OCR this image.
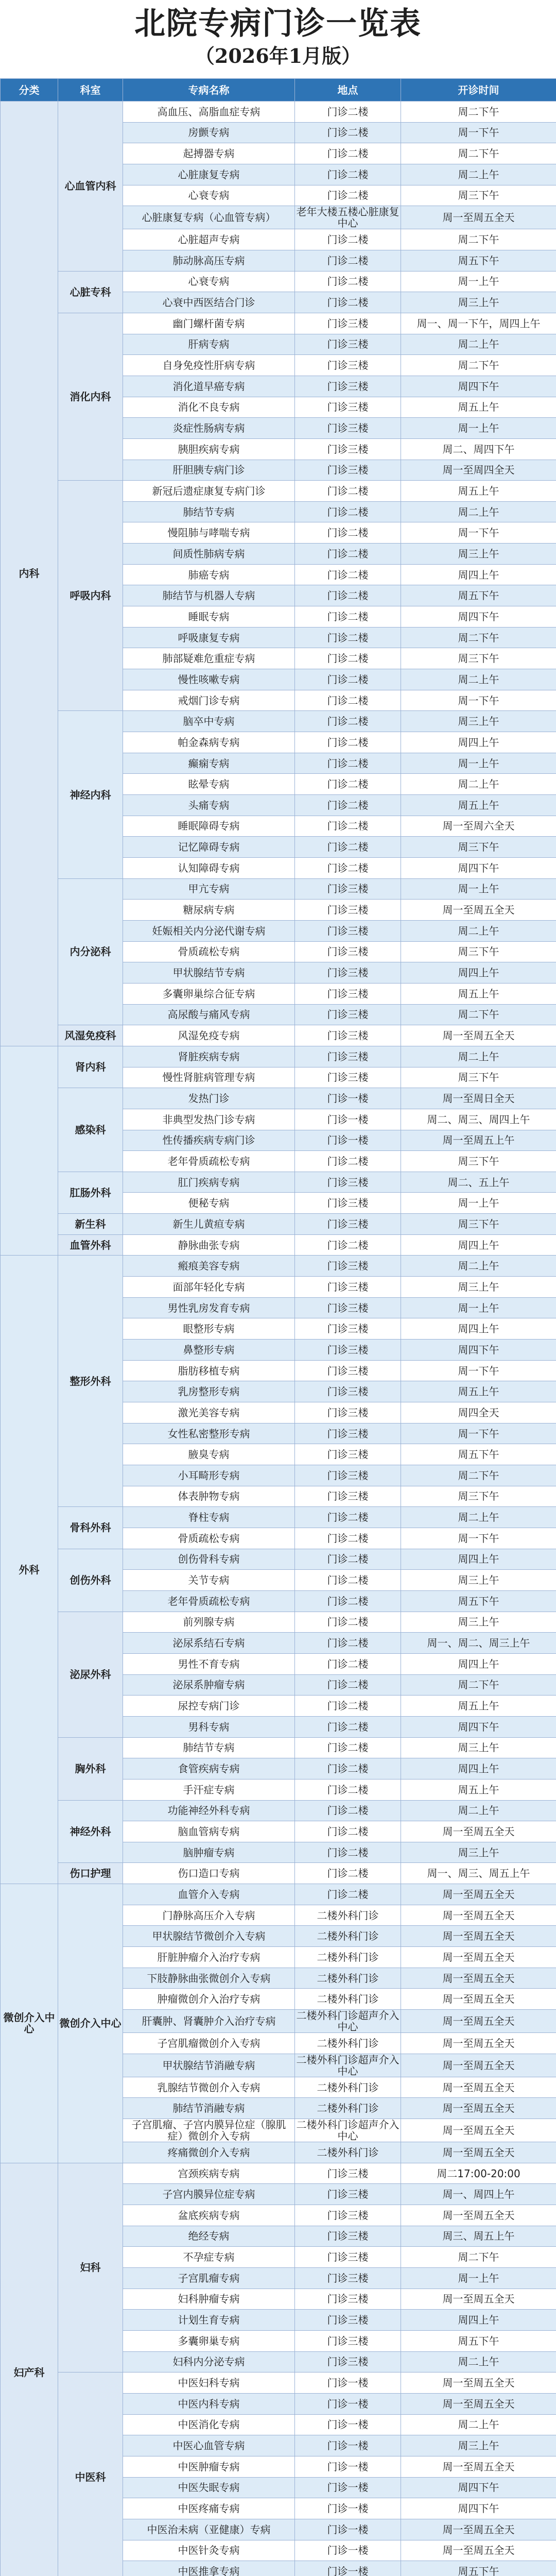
北院专病门诊一览表
（2026年1月版）
分类	科室	专病名称	地点	开诊时间
内科	心血管内科	高血压、高脂血症专病	门诊二楼	周二下午
		房颤专病	门诊二楼	周一下午
		起搏器专病	门诊二楼	周二下午
		心脏康复专病	门诊二楼	周二上午
		心衰专病	门诊二楼	周三下午
		心脏康复专病（心血管专病）	老年大楼五楼心脏康复中心	周一至周五全天
		心脏超声专病	门诊二楼	周二下午
		肺动脉高压专病	门诊二楼	周五下午
	心脏专科	心衰专病	门诊二楼	周一上午
		心衰中西医结合门诊	门诊二楼	周三上午
	消化内科	幽门螺杆菌专病	门诊三楼	周一、周一下午，周四上午
		肝病专病	门诊三楼	周二上午
		自身免疫性肝病专病	门诊三楼	周二下午
		消化道早癌专病	门诊三楼	周四下午
		消化不良专病	门诊三楼	周五上午
		炎症性肠病专病	门诊三楼	周一上午
		胰胆疾病专病	门诊三楼	周二、周四下午
		肝胆胰专病门诊	门诊三楼	周一至周四全天
	呼吸内科	新冠后遗症康复专病门诊	门诊二楼	周五上午
		肺结节专病	门诊二楼	周二上午
		慢阻肺与哮喘专病	门诊二楼	周一下午
		间质性肺病专病	门诊二楼	周三上午
		肺癌专病	门诊二楼	周四上午
		肺结节与机器人专病	门诊二楼	周五下午
		睡眠专病	门诊二楼	周四下午
		呼吸康复专病	门诊二楼	周二下午
		肺部疑难危重症专病	门诊二楼	周三下午
		慢性咳嗽专病	门诊二楼	周二上午
		戒烟门诊专病	门诊二楼	周一下午
	神经内科	脑卒中专病	门诊二楼	周三上午
		帕金森病专病	门诊二楼	周四上午
		癫痫专病	门诊二楼	周一上午
		眩晕专病	门诊二楼	周二上午
		头痛专病	门诊二楼	周五上午
		睡眠障碍专病	门诊二楼	周一至周六全天
		记忆障碍专病	门诊二楼	周三下午
		认知障碍专病	门诊二楼	周四下午
	内分泌科	甲亢专病	门诊三楼	周一上午
		糖尿病专病	门诊三楼	周一至周五全天
		妊娠相关内分泌代谢专病	门诊三楼	周二上午
		骨质疏松专病	门诊三楼	周三下午
		甲状腺结节专病	门诊三楼	周四上午
		多囊卵巢综合征专病	门诊三楼	周五上午
		高尿酸与痛风专病	门诊三楼	周二下午
	风湿免疫科	风湿免疫专病	门诊三楼	周一至周五全天
	肾内科	肾脏疾病专病	门诊三楼	周二上午
		慢性肾脏病管理专病	门诊三楼	周三下午
	感染科	发热门诊	门诊一楼	周一至周日全天
		非典型发热门诊专病	门诊一楼	周二、周三、周四上午
		性传播疾病专病门诊	门诊一楼	周一至周五上午
		老年骨质疏松专病	门诊二楼	周三下午
	肛肠外科	肛门疾病专病	门诊三楼	周二、五上午
		便秘专病	门诊三楼	周一上午
	新生科	新生儿黄疸专病	门诊三楼	周三下午
	血管外科	静脉曲张专病	门诊二楼	周四上午
外科	整形外科	瘢痕美容专病	门诊三楼	周二上午
		面部年轻化专病	门诊三楼	周三上午
		男性乳房发育专病	门诊三楼	周一上午
		眼整形专病	门诊三楼	周四上午
		鼻整形专病	门诊三楼	周四下午
		脂肪移植专病	门诊三楼	周一下午
		乳房整形专病	门诊三楼	周五上午
		激光美容专病	门诊三楼	周四全天
		女性私密整形专病	门诊三楼	周一下午
		腋臭专病	门诊三楼	周五下午
		小耳畸形专病	门诊三楼	周二下午
		体表肿物专病	门诊三楼	周三下午
	骨科外科	脊柱专病	门诊二楼	周二上午
		骨质疏松专病	门诊二楼	周一下午
	创伤外科	创伤骨科专病	门诊二楼	周四上午
		关节专病	门诊二楼	周三上午
		老年骨质疏松专病	门诊二楼	周五下午
	泌尿外科	前列腺专病	门诊二楼	周三上午
		泌尿系结石专病	门诊二楼	周一、周二、周三上午
		男性不育专病	门诊二楼	周四上午
		泌尿系肿瘤专病	门诊二楼	周二下午
		尿控专病门诊	门诊二楼	周五上午
		男科专病	门诊二楼	周四下午
	胸外科	肺结节专病	门诊二楼	周三上午
		食管疾病专病	门诊二楼	周四上午
		手汗症专病	门诊二楼	周五上午
	神经外科	功能神经外科专病	门诊二楼	周二上午
		脑血管病专病	门诊二楼	周一至周五全天
		脑肿瘤专病	门诊二楼	周三上午
	伤口护理	伤口造口专病	门诊二楼	周一、周三、周五上午
微创介入中心	微创介入中心	血管介入专病	门诊二楼	周一至周五全天
		门静脉高压介入专病	二楼外科门诊	周一至周五全天
		甲状腺结节微创介入专病	二楼外科门诊	周一至周五全天
		肝脏肿瘤介入治疗专病	二楼外科门诊	周一至周五全天
		下肢静脉曲张微创介入专病	二楼外科门诊	周一至周五全天
		肿瘤微创介入治疗专病	二楼外科门诊	周一至周五全天
		肝囊肿、肾囊肿介入治疗专病	二楼外科门诊超声介入中心	周一至周五全天
		子宫肌瘤微创介入专病	二楼外科门诊	周一至周五全天
		甲状腺结节消融专病	二楼外科门诊超声介入中心	周一至周五全天
		乳腺结节微创介入专病	二楼外科门诊	周一至周五全天
		肺结节消融专病	二楼外科门诊	周一至周五全天
		子宫肌瘤、子宫内膜异位症（腺肌症）微创介入专病	二楼外科门诊超声介入中心	周一至周五全天
		疼痛微创介入专病	二楼外科门诊	周一至周五全天
妇产科	妇科	宫颈疾病专病	门诊三楼	周二17:00-20:00
		子宫内膜异位症专病	门诊三楼	周一、周四上午
		盆底疾病专病	门诊三楼	周一至周五全天
		绝经专病	门诊三楼	周三、周五上午
		不孕症专病	门诊三楼	周二下午
		子宫肌瘤专病	门诊三楼	周一上午
		妇科肿瘤专病	门诊三楼	周一至周五全天
		计划生育专病	门诊三楼	周四上午
		多囊卵巢专病	门诊三楼	周五下午
		妇科内分泌专病	门诊三楼	周二上午
	中医科	中医妇科专病	门诊一楼	周一至周五全天
		中医内科专病	门诊一楼	周一至周五全天
		中医消化专病	门诊一楼	周二上午
		中医心血管专病	门诊一楼	周三上午
		中医肿瘤专病	门诊一楼	周一至周五全天
		中医失眠专病	门诊一楼	周四下午
		中医疼痛专病	门诊一楼	周四下午
		中医治未病（亚健康）专病	门诊一楼	周一至周五全天
		中医针灸专病	门诊一楼	周一至周五全天
		中医推拿专病	门诊一楼	周五下午
